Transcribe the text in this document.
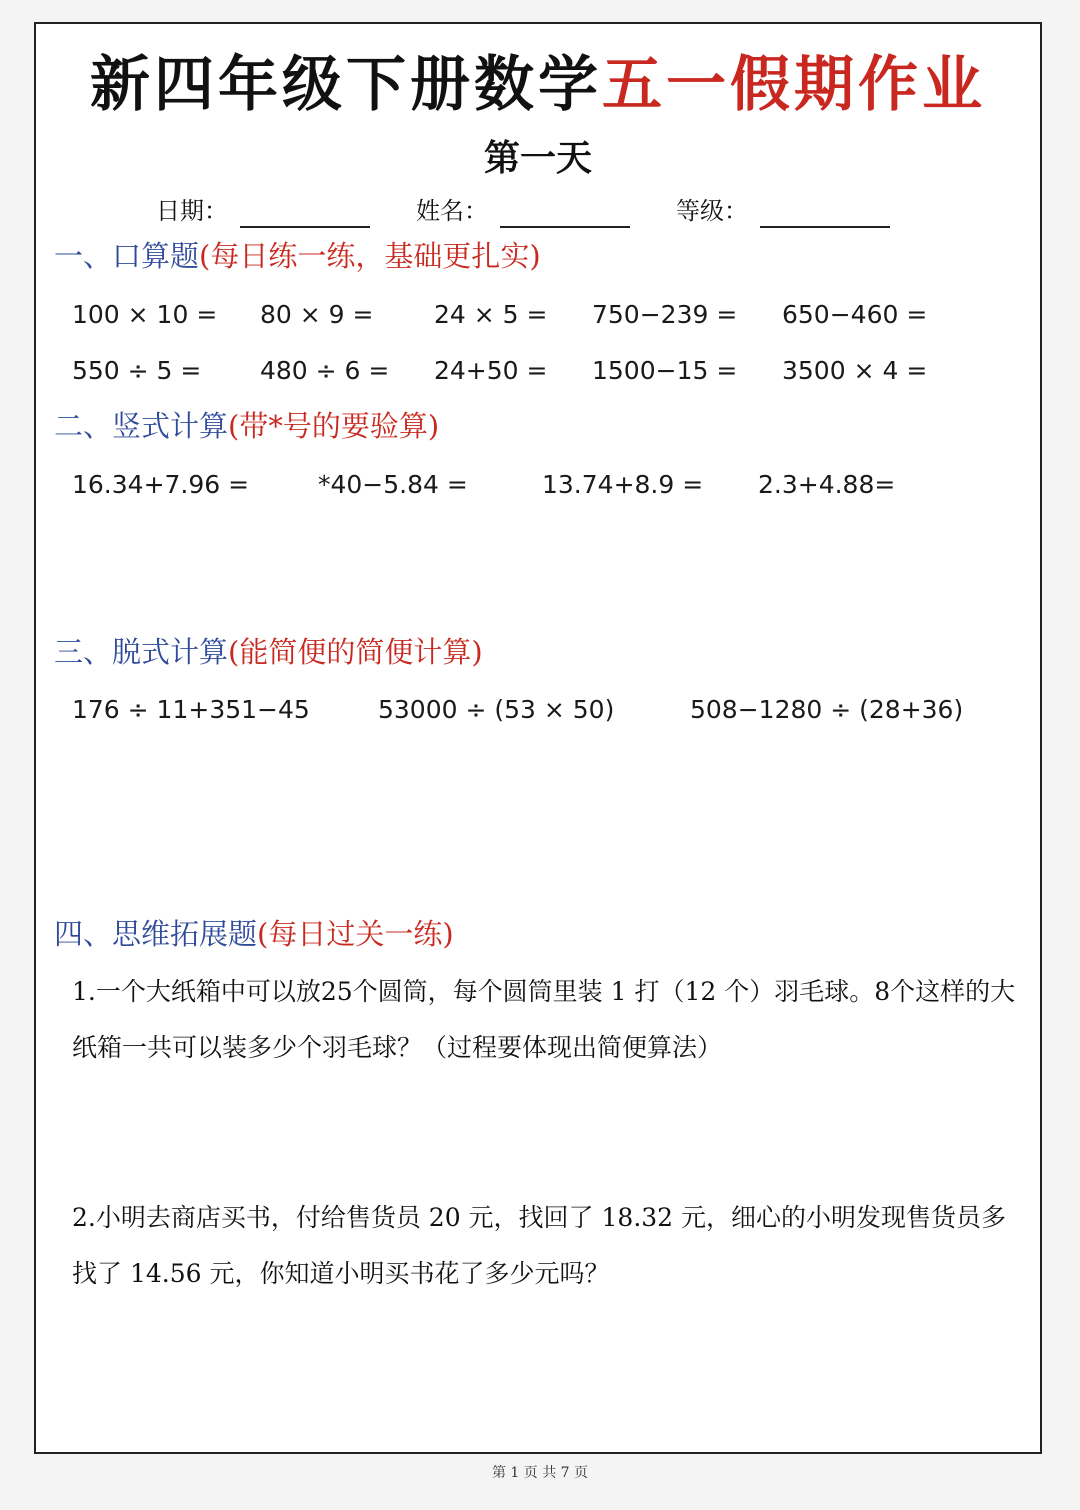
新四年级下册数学五一假期作业
第一天
日期：	姓名：	等级：
一、口算题(每日练一练，基础更扎实)
100 × 10 = 80 × 9 = 24 × 5 = 750−239 = 650−460 =
550 ÷ 5 = 480 ÷ 6 = 24+50 = 1500−15 = 3500 × 4 =
二、竖式计算(带*号的要验算)
16.34+7.96 =	*40−5.84 =	13.74+8.9 = 2.3+4.88=
三、脱式计算(能简便的简便计算)
176 ÷ 11+351−45	53000 ÷ (53 × 50)	508−1280 ÷ (28+36)
四、思维拓展题(每日过关一练)
1.一个大纸箱中可以放25个圆筒，每个圆筒里装 1 打（12 个）羽毛球。8个这样的大纸箱一共可以装多少个羽毛球？（过程要体现出简便算法）
2.小明去商店买书，付给售货员 20 元，找回了 18.32 元，细心的小明发现售货员多找了 14.56 元，你知道小明买书花了多少元吗？
第 1 页 共 7 页
